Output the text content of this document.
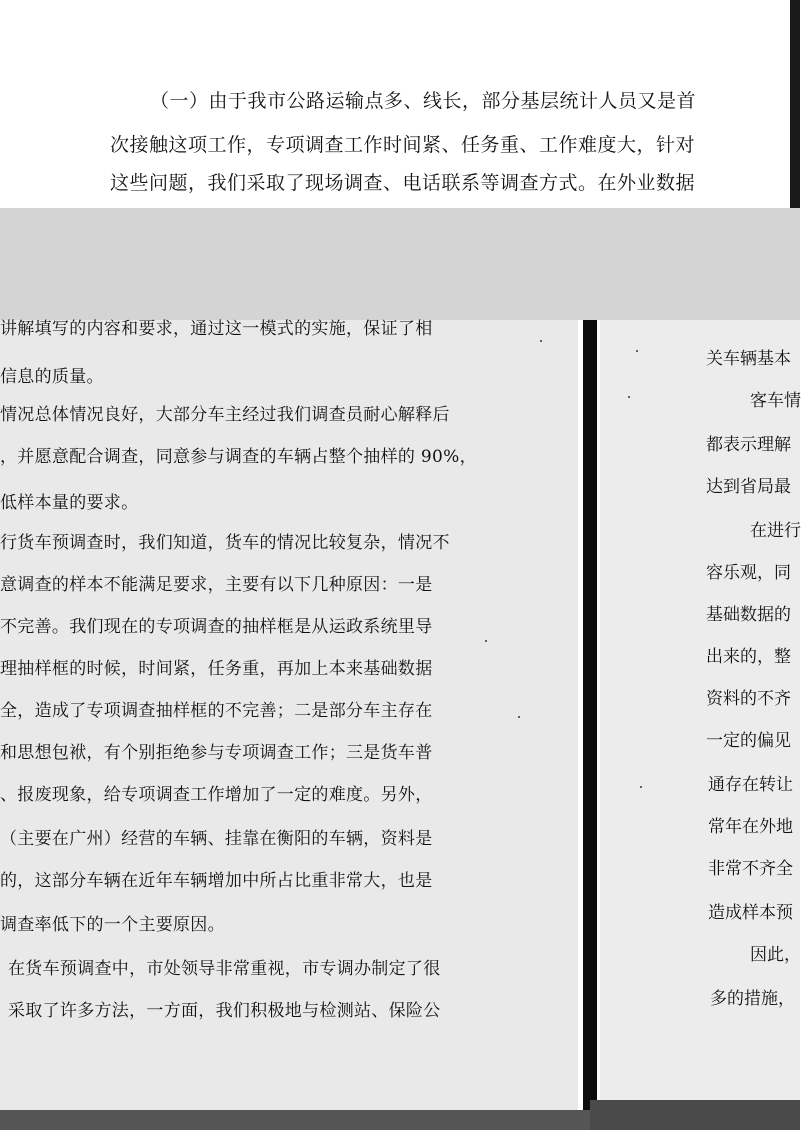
（一）由于我市公路运输点多、线长，部分基层统计人员又是首
次接触这项工作，专项调查工作时间紧、任务重、工作难度大，针对
这些问题，我们采取了现场调查、电话联系等调查方式。在外业数据
讲解填写的内容和要求，通过这一模式的实施，保证了相
信息的质量。
情况总体情况良好，大部分车主经过我们调查员耐心解释后
，并愿意配合调查，同意参与调查的车辆占整个抽样的 90%，
低样本量的要求。
行货车预调查时，我们知道，货车的情况比较复杂，情况不
意调查的样本不能满足要求，主要有以下几种原因：一是
不完善。我们现在的专项调查的抽样框是从运政系统里导
理抽样框的时候，时间紧，任务重，再加上本来基础数据
全，造成了专项调查抽样框的不完善；二是部分车主存在
和思想包袱，有个别拒绝参与专项调查工作；三是货车普
、报废现象，给专项调查工作增加了一定的难度。另外，
（主要在广州）经营的车辆、挂靠在衡阳的车辆，资料是
的，这部分车辆在近年车辆增加中所占比重非常大，也是
调查率低下的一个主要原因。
在货车预调查中，市处领导非常重视，市专调办制定了很
采取了许多方法，一方面，我们积极地与检测站、保险公
关车辆基本
客车情
都表示理解
达到省局最
在进行
容乐观，同
基础数据的
出来的，整
资料的不齐
一定的偏见
通存在转让
常年在外地
非常不齐全
造成样本预
因此，
多的措施，
